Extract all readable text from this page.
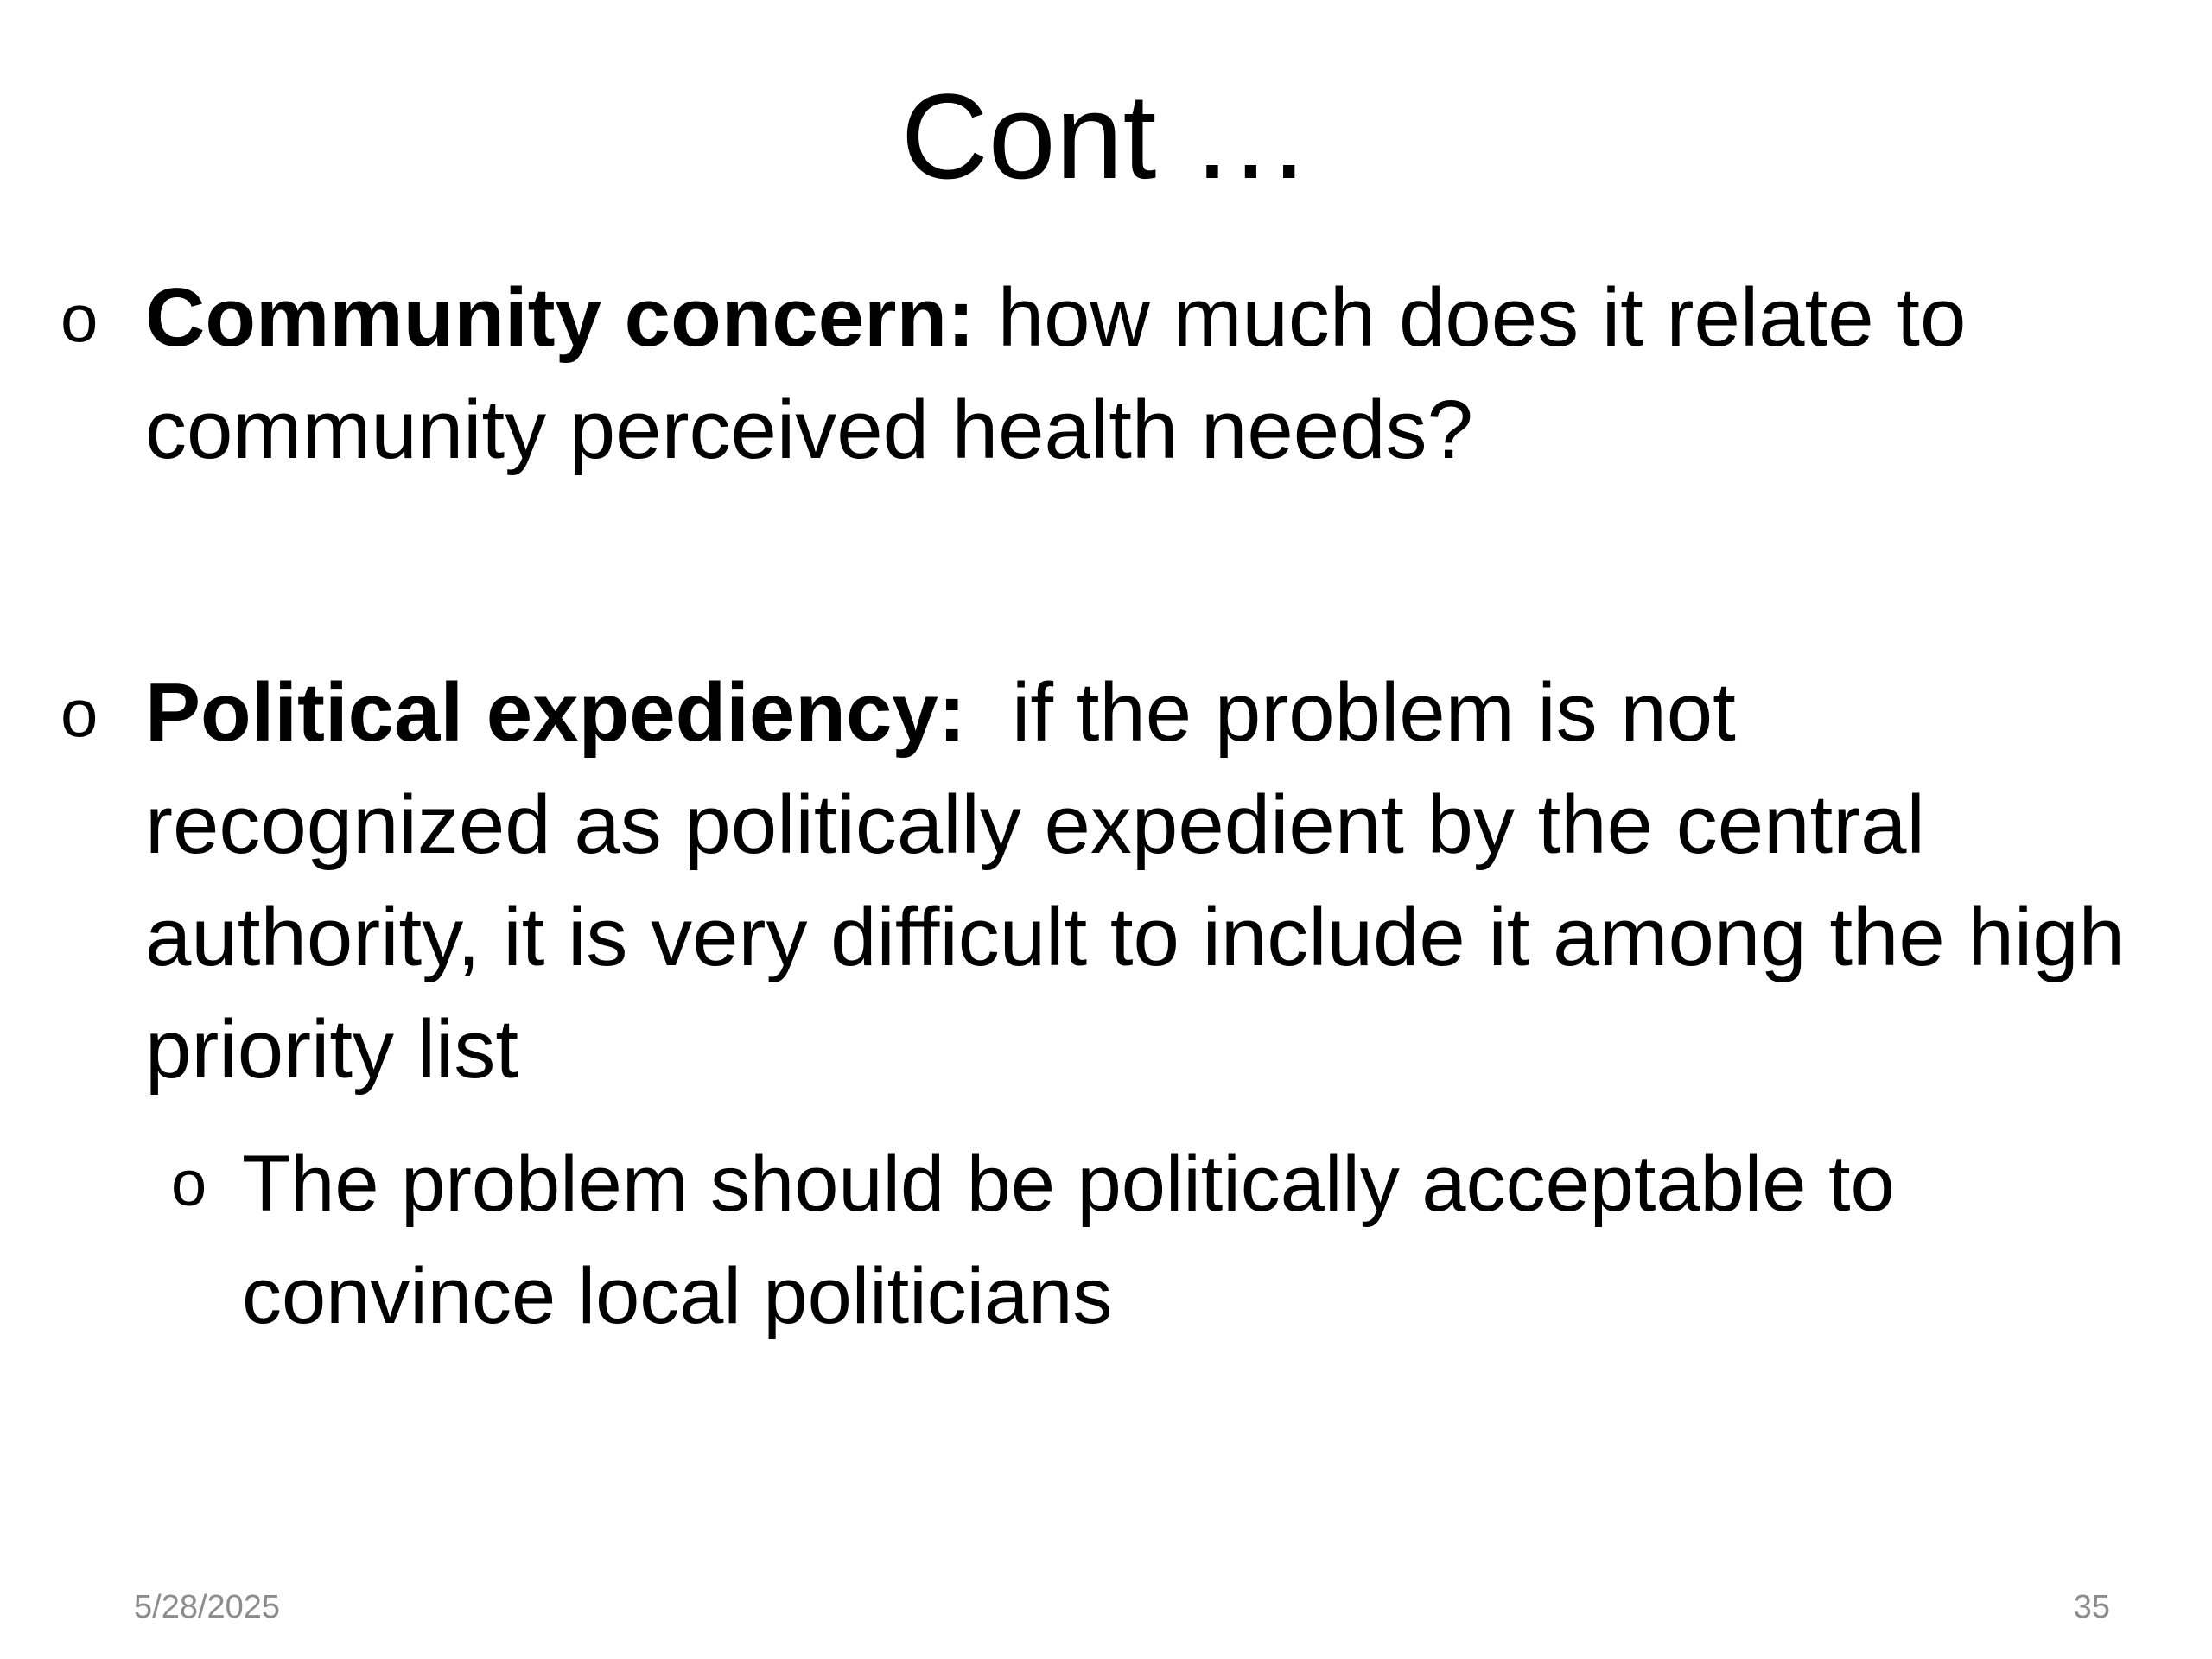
Cont …
o Community concern: how much does it relate to community perceived health needs?
o Political expediency: if the problem is not recognized as politically expedient by the central authority, it is very difficult to include it among the high priority list
o The problem should be politically acceptable to convince local politicians
5/28/2025	35
